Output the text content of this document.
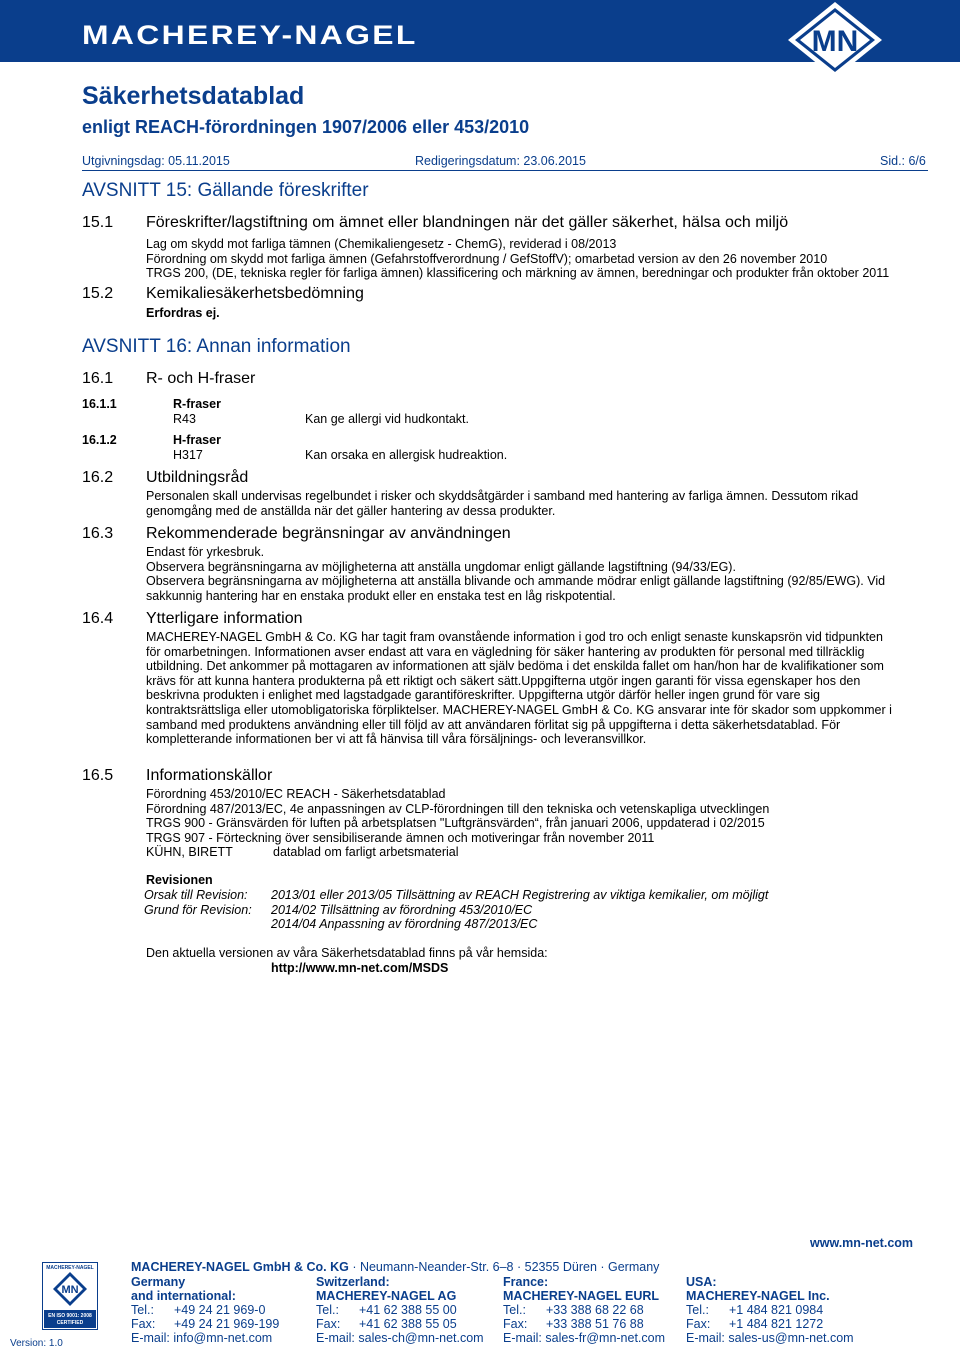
MACHEREY-NAGEL	MN
Säkerhetsdatablad
enligt REACH-förordningen 1907/2006 eller 453/2010
Utgivningsdag: 05.11.2015	Redigeringsdatum: 23.06.2015	Sid.: 6/6
AVSNITT 15: Gällande föreskrifter
15.1 Föreskrifter/lagstiftning om ämnet eller blandningen när det gäller säkerhet, hälsa och miljö
Lag om skydd mot farliga tämnen (Chemikaliengesetz - ChemG), reviderad i 08/2013
Förordning om skydd mot farliga ämnen (Gefahrstoffverordnung / GefStoffV); omarbetad version av den 26 november 2010
TRGS 200, (DE, tekniska regler för farliga ämnen) klassificering och märkning av ämnen, beredningar och produkter från oktober 2011
15.2 Kemikaliesäkerhetsbedömning
Erfordras ej.
AVSNITT 16: Annan information
16.1 R- och H-fraser
16.1.1	R-fraser
R43	Kan ge allergi vid hudkontakt.
16.1.2	H-fraser
H317	Kan orsaka en allergisk hudreaktion.
16.2 Utbildningsråd
Personalen skall undervisas regelbundet i risker och skyddsåtgärder i samband med hantering av farliga ämnen. Dessutom rikad
genomgång med de anställda när det gäller hantering av dessa produkter.
16.3 Rekommenderade begränsningar av användningen
Endast för yrkesbruk.
Observera begränsningarna av möjligheterna att anställa ungdomar enligt gällande lagstiftning (94/33/EG).
Observera begränsningarna av möjligheterna att anställa blivande och ammande mödrar enligt gällande lagstiftning (92/85/EWG). Vid
sakkunnig hantering har en enstaka produkt eller en enstaka test en låg riskpotential.
16.4 Ytterligare information
MACHEREY-NAGEL GmbH & Co. KG har tagit fram ovanstående information i god tro och enligt senaste kunskapsrön vid tidpunkten
för omarbetningen. Informationen avser endast att vara en vägledning för säker hantering av produkten för personal med tillräcklig
utbildning. Det ankommer på mottagaren av informationen att själv bedöma i det enskilda fallet om han/hon har de kvalifikationer som
krävs för att kunna hantera produkterna på ett riktigt och säkert sätt.Uppgifterna utgör ingen garanti för vissa egenskaper hos den
beskrivna produkten i enlighet med lagstadgade garantiföreskrifter. Uppgifterna utgör därför heller ingen grund för vare sig
kontraktsrättsliga eller utomobligatoriska förpliktelser. MACHEREY-NAGEL GmbH & Co. KG ansvarar inte för skador som uppkommer i
samband med produktens användning eller till följd av att användaren förlitat sig på uppgifterna i detta säkerhetsdatablad. För
kompletterande informationen ber vi att få hänvisa till våra försäljnings- och leveransvillkor.
16.5 Informationskällor
Förordning 453/2010/EC REACH - Säkerhetsdatablad
Förordning 487/2013/EC, 4e anpassningen av CLP-förordningen till den tekniska och vetenskapliga utvecklingen
TRGS 900 - Gränsvärden för luften på arbetsplatsen "Luftgränsvärden“, från januari 2006, uppdaterad i 02/2015
TRGS 907 - Förteckning över sensibiliserande ämnen och motiveringar från november 2011
KÜHN, BIRETT	datablad om farligt arbetsmaterial
Revisionen
Orsak till Revision: 2013/01 eller 2013/05 Tillsättning av REACH Registrering av viktiga kemikalier, om möjligt
Grund för Revision: 2014/02 Tillsättning av förordning 453/2010/EC
2014/04 Anpassning av förordning 487/2013/EC
Den aktuella versionen av våra Säkerhetsdatablad finns på vår hemsida:
http://www.mn-net.com/MSDS
www.mn-net.com
MACHEREY-NAGEL GmbH & Co. KG · Neumann-Neander-Str. 6–8 · 52355 Düren · Germany
MACHEREY-NAGEL
MN
EN ISO 9001: 2008
CERTIFIED
Version: 1.0
Germany
and international:
Tel.: +49 24 21 969-0
Fax: +49 24 21 969-199
E-mail: info@mn-net.com
Switzerland:
MACHEREY-NAGEL AG
Tel.: +41 62 388 55 00
Fax: +41 62 388 55 05
E-mail: sales-ch@mn-net.com
France:
MACHEREY-NAGEL EURL
Tel.: +33 388 68 22 68
Fax: +33 388 51 76 88
E-mail: sales-fr@mn-net.com
USA:
MACHEREY-NAGEL Inc.
Tel.: +1 484 821 0984
Fax: +1 484 821 1272
E-mail: sales-us@mn-net.com
